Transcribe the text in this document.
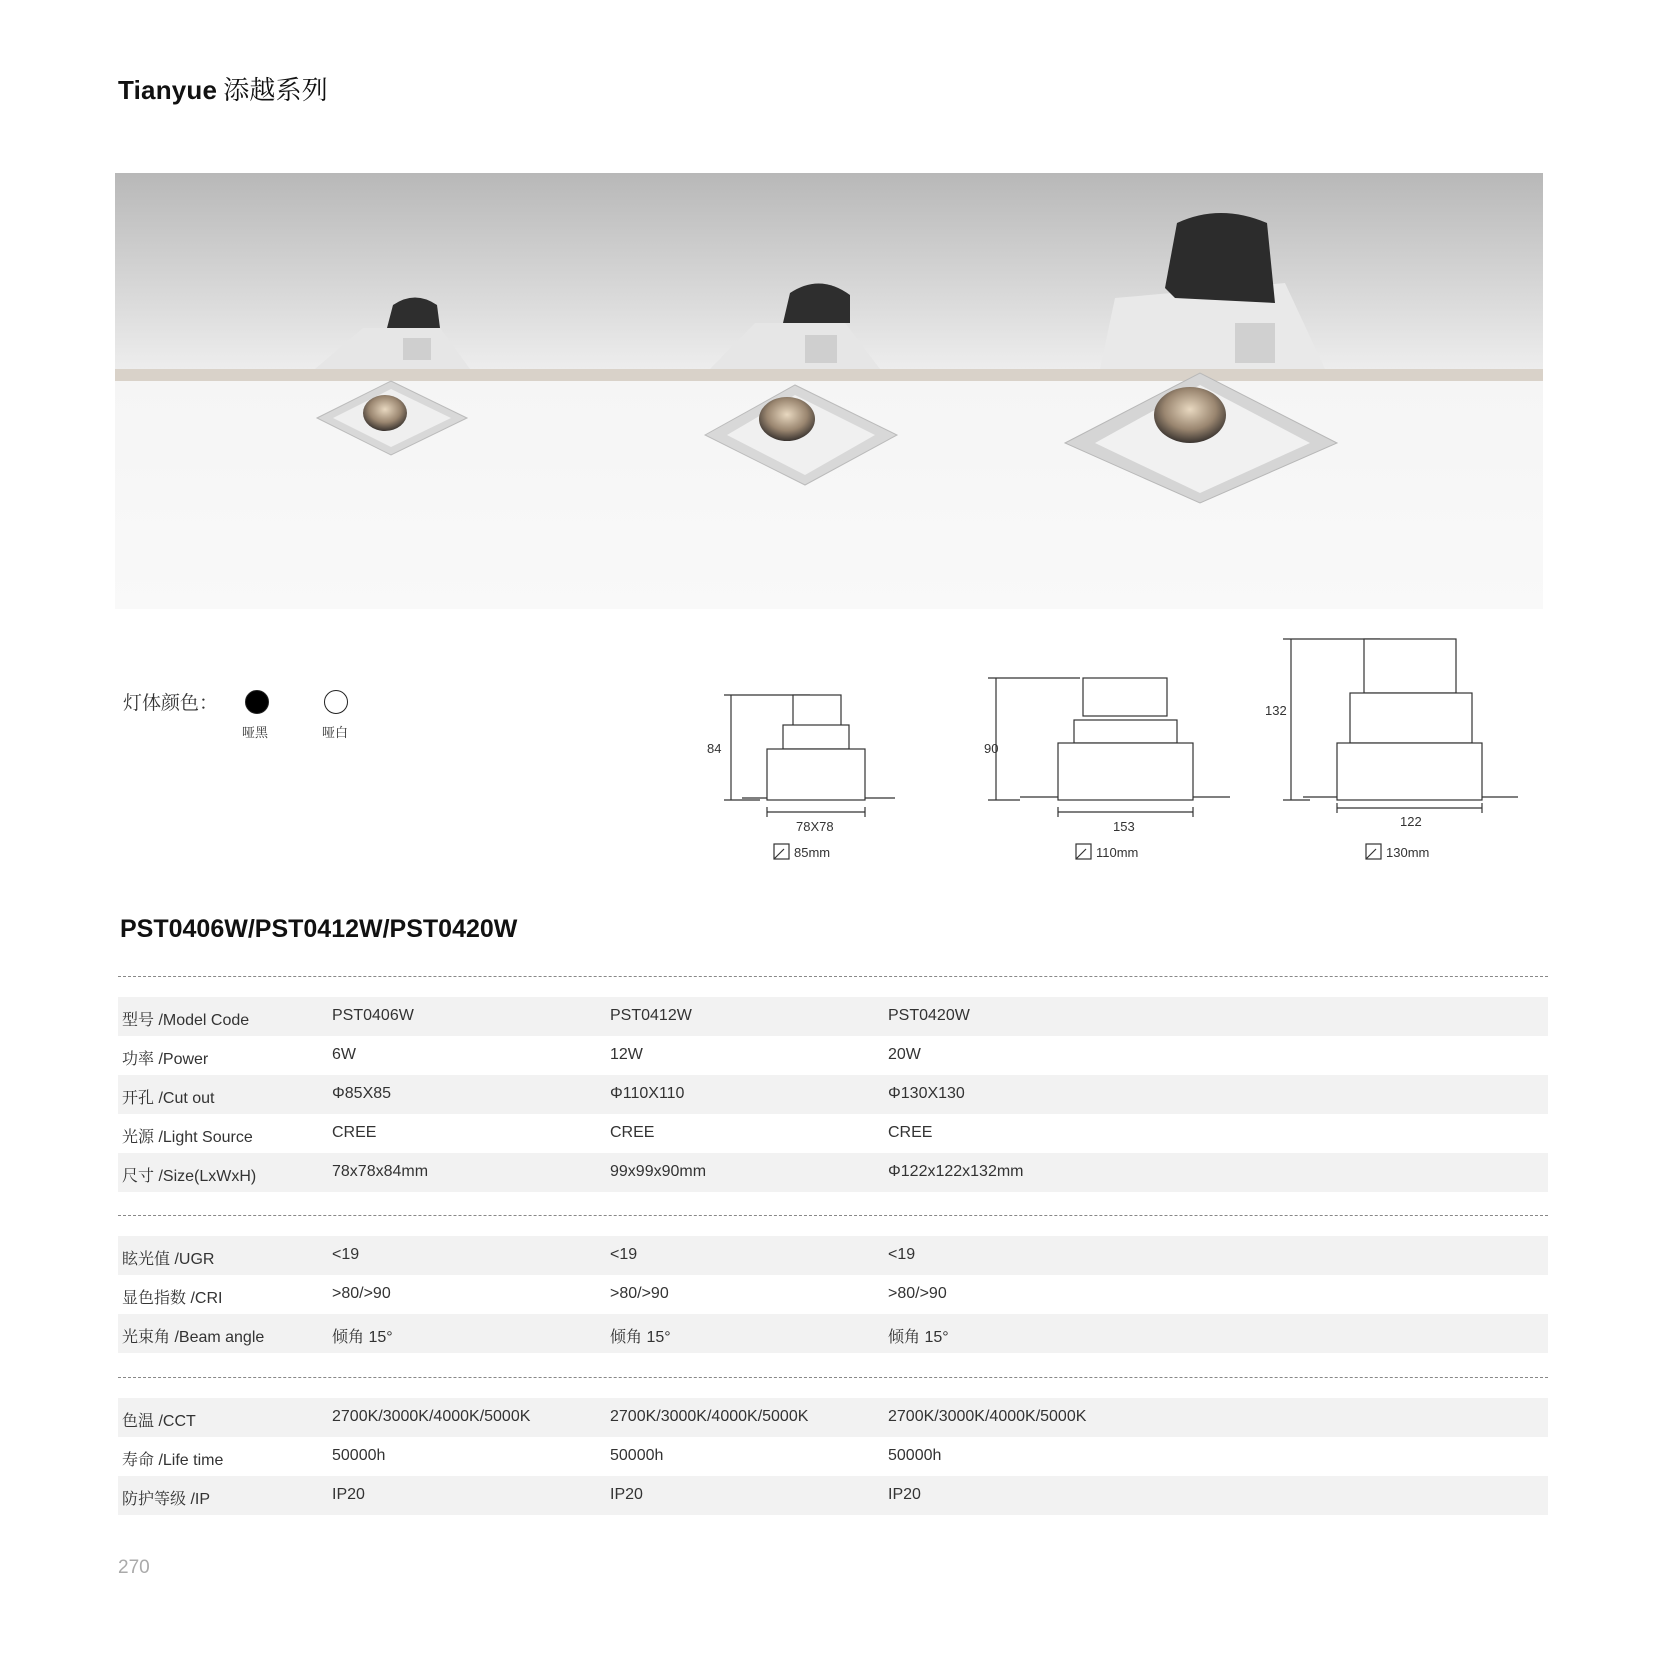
Tianyue 添越系列
灯体颜色：
哑黑	哑白
84
78X78
85mm
90
153
110mm
132
122
130mm
PST0406W/PST0412W/PST0420W
型号 /Model Code	PST0406W	PST0412W	PST0420W
功率 /Power	6W	12W	20W
开孔 /Cut out	Φ85X85	Φ110X110	Φ130X130
光源 /Light Source	CREE	CREE	CREE
尺寸 /Size(LxWxH)	78x78x84mm	99x99x90mm	Φ122x122x132mm
眩光值 /UGR	<19	<19	<19
显色指数 /CRI	>80/>90	>80/>90	>80/>90
光束角 /Beam angle	倾角 15°	倾角 15°	倾角 15°
色温 /CCT	2700K/3000K/4000K/5000K	2700K/3000K/4000K/5000K	2700K/3000K/4000K/5000K
寿命 /Life time	50000h	50000h	50000h
防护等级 /IP	IP20	IP20	IP20
270
